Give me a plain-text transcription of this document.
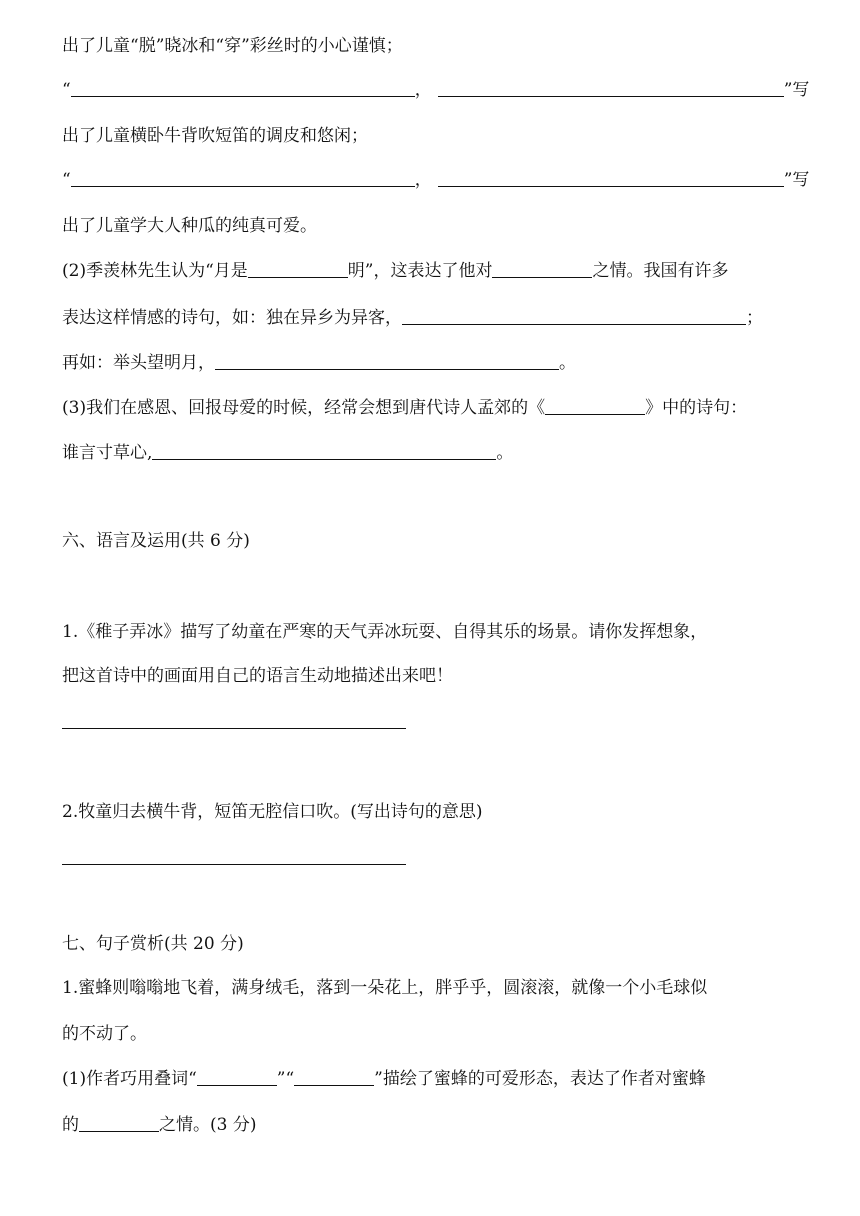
出了儿童“脱”晓冰和“穿”彩丝时的小心谨慎；
“	，	”写
出了儿童横卧牛背吹短笛的调皮和悠闲；
“	，	”写
出了儿童学大人种瓜的纯真可爱。
(2)季羡林先生认为“月是	明”，这表达了他对	之情。我国有许多
表达这样情感的诗句，如：独在异乡为异客，	；
再如：举头望明月，	。
(3)我们在感恩、回报母爱的时候，经常会想到唐代诗人孟郊的《	》中的诗句：
谁言寸草心,	。
六、语言及运用(共 6 分)
1.《稚子弄冰》描写了幼童在严寒的天气弄冰玩耍、自得其乐的场景。请你发挥想象，
把这首诗中的画面用自己的语言生动地描述出来吧！
2.牧童归去横牛背，短笛无腔信口吹。(写出诗句的意思)
七、句子赏析(共 20 分)
1.蜜蜂则嗡嗡地飞着，满身绒毛，落到一朵花上，胖乎乎，圆滚滚，就像一个小毛球似
的不动了。
(1)作者巧用叠词“	”“	”描绘了蜜蜂的可爱形态，表达了作者对蜜蜂
的	之情。(3 分)
